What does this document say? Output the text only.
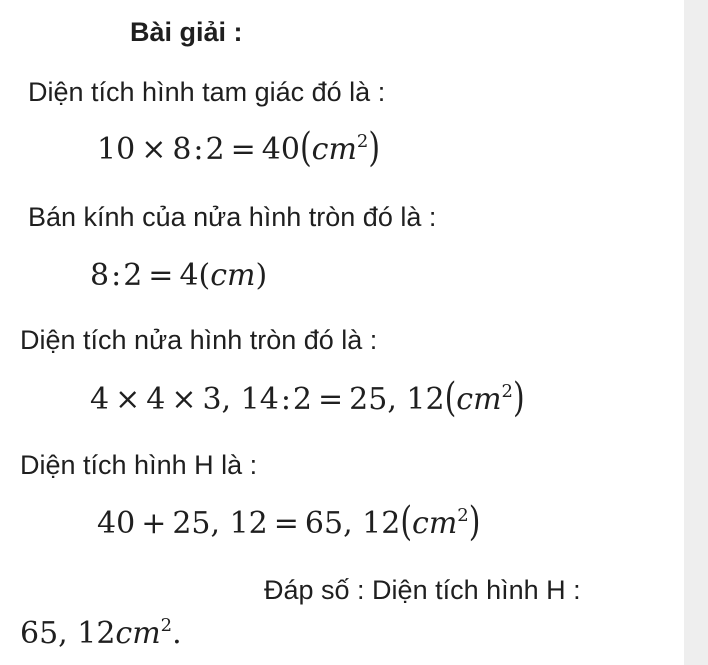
Bài giải :
Diện tích hình tam giác đó là :
10 × 8:2 = $40(cm^2)$
Bán kính của nửa hình tròn đó là :
8:2 = 4(cm)
Diện tích nửa hình tròn đó là :
4 × 4 × 3, 14:2 = 25, $12(cm^2)$
Diện tích hình H là :
40 + 25, 12 = 65, $12(cm^2)$
Đáp số : Diện tích hình H :
65, $12cm^2$.
